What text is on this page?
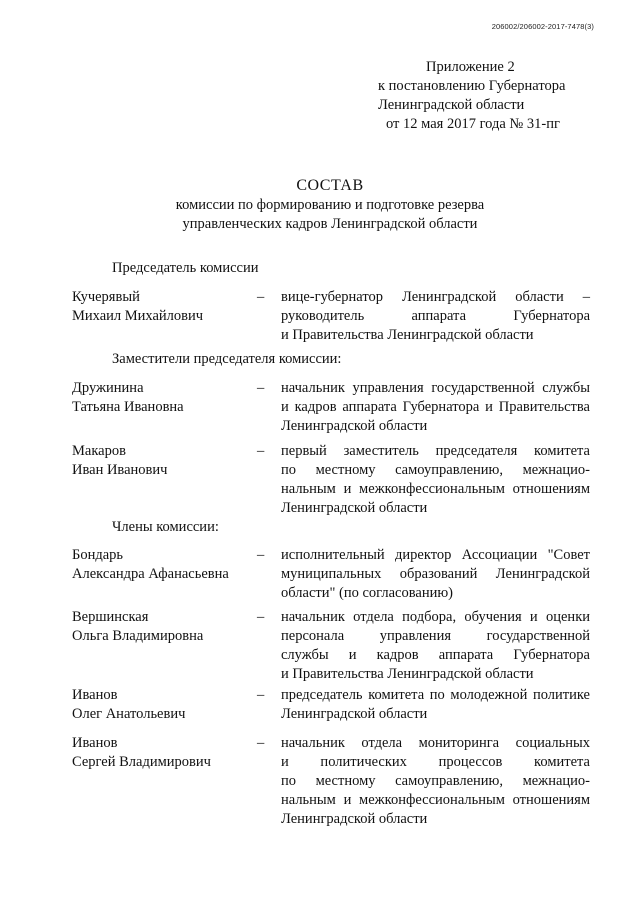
206002/206002-2017-7478(3)
Приложение 2
к постановлению Губернатора
Ленинградской области
от 12 мая 2017 года № 31-пг
СОСТАВ
комиссии по формированию и подготовке резерва
управленческих кадров Ленинградской области
Председатель комиссии
Кучерявый
Михаил Михайлович
– вице-губернатор Ленинградской области –
руководитель аппарата Губернатора
и Правительства Ленинградской области
Заместители председателя комиссии:
Дружинина
Татьяна Ивановна
– начальник управления государственной службы
и кадров аппарата Губернатора и Правительства
Ленинградской области
Макаров
Иван Иванович
– первый заместитель председателя комитета
по местному самоуправлению, межнацио-
нальным и межконфессиональным отношениям
Ленинградской области
Члены комиссии:
Бондарь
Александра Афанасьевна
– исполнительный директор Ассоциации "Совет
муниципальных образований Ленинградской
области" (по согласованию)
Вершинская
Ольга Владимировна
– начальник отдела подбора, обучения и оценки
персонала управления государственной
службы и кадров аппарата Губернатора
и Правительства Ленинградской области
Иванов
Олег Анатольевич
– председатель комитета по молодежной политике
Ленинградской области
Иванов
Сергей Владимирович
– начальник отдела мониторинга социальных
и политических процессов комитета
по местному самоуправлению, межнацио-
нальным и межконфессиональным отношениям
Ленинградской области
